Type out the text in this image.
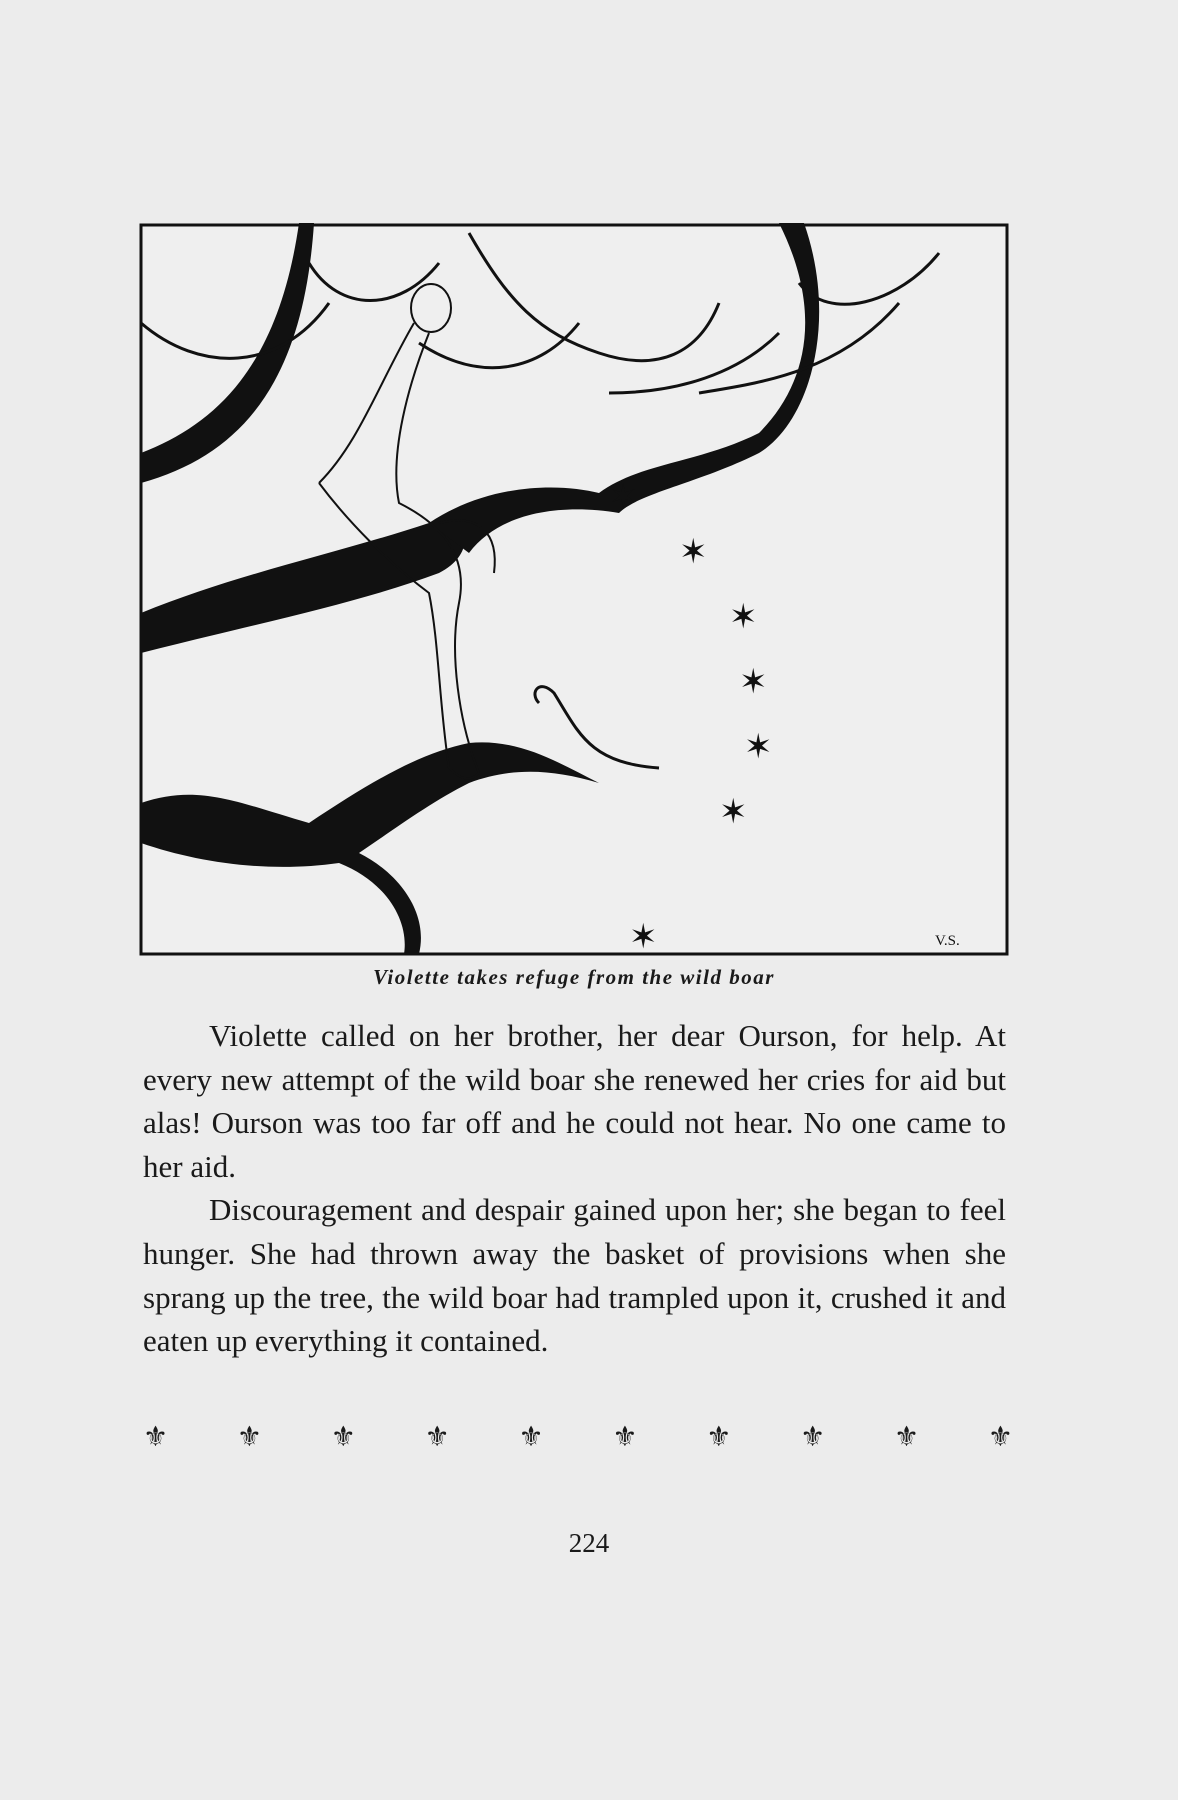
✶
✶
✶
✶
✶
✶
✶	V.S.
Violette takes refuge from the wild boar

Violette called on her brother, her dear Ourson, for help. At every new attempt of the wild boar she renewed her cries for aid but alas! Ourson was too far off and he could not hear. No one came to her aid.

Discouragement and despair gained upon her; she began to feel hunger. She had thrown away the basket of provisions when she sprang up the tree, the wild boar had trampled upon it, crushed it and eaten up everything it contained.

⚜ ⚜ ⚜ ⚜ ⚜ ⚜ ⚜ ⚜ ⚜ ⚜
224
